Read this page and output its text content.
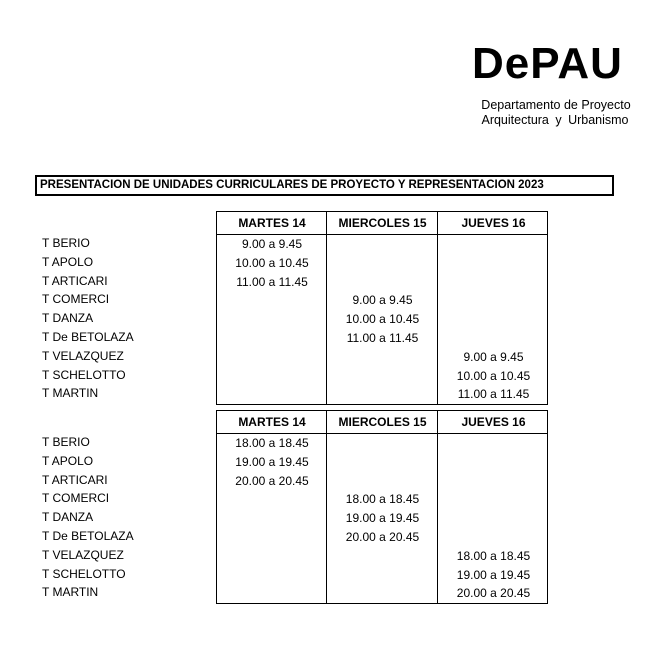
DePAU
Departamento de Proyecto
Arquitectura y Urbanismo
PRESENTACION DE UNIDADES CURRICULARES DE PROYECTO Y REPRESENTACION 2023
T BERIO
T APOLO
T ARTICARI
T COMERCI
T DANZA
T De BETOLAZA
T VELAZQUEZ
T SCHELOTTO
T MARTIN
MARTES 14
9.00 a 9.45
10.00 a 10.45
11.00 a 11.45
MIERCOLES 15
9.00 a 9.45
10.00 a 10.45
11.00 a 11.45
JUEVES 16
9.00 a 9.45
10.00 a 10.45
11.00 a 11.45
T BERIO
T APOLO
T ARTICARI
T COMERCI
T DANZA
T De BETOLAZA
T VELAZQUEZ
T SCHELOTTO
T MARTIN
MARTES 14
18.00 a 18.45
19.00 a 19.45
20.00 a 20.45
MIERCOLES 15
18.00 a 18.45
19.00 a 19.45
20.00 a 20.45
JUEVES 16
18.00 a 18.45
19.00 a 19.45
20.00 a 20.45
